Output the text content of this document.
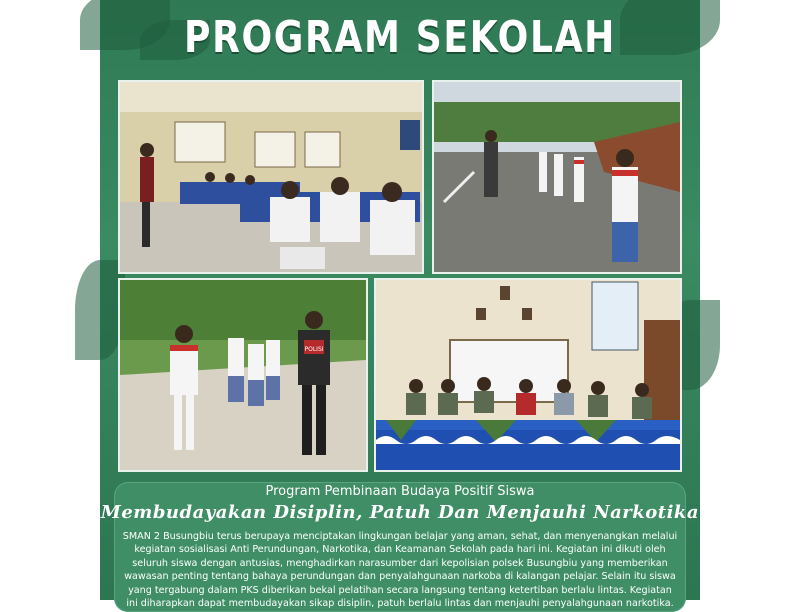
PROGRAM SEKOLAH
POLISI
Program Pembinaan Budaya Positif Siswa
Membudayakan Disiplin, Patuh Dan Menjauhi Narkotika
SMAN 2 Busungbiu terus berupaya menciptakan lingkungan belajar yang aman, sehat, dan menyenangkan melalui kegiatan sosialisasi Anti Perundungan, Narkotika, dan Keamanan Sekolah pada hari ini. Kegiatan ini dikuti oleh seluruh siswa dengan antusias, menghadirkan narasumber dari kepolisian polsek Busungbiu yang memberikan wawasan penting tentang bahaya perundungan dan penyalahgunaan narkoba di kalangan pelajar. Selain itu siswa yang tergabung dalam PKS diberikan bekal pelatihan secara langsung tentang ketertiban berlalu lintas. Kegiatan ini diharapkan dapat membudayakan sikap disiplin, patuh berlalu lintas dan menjauhi penyalahgunaan narkotika.
